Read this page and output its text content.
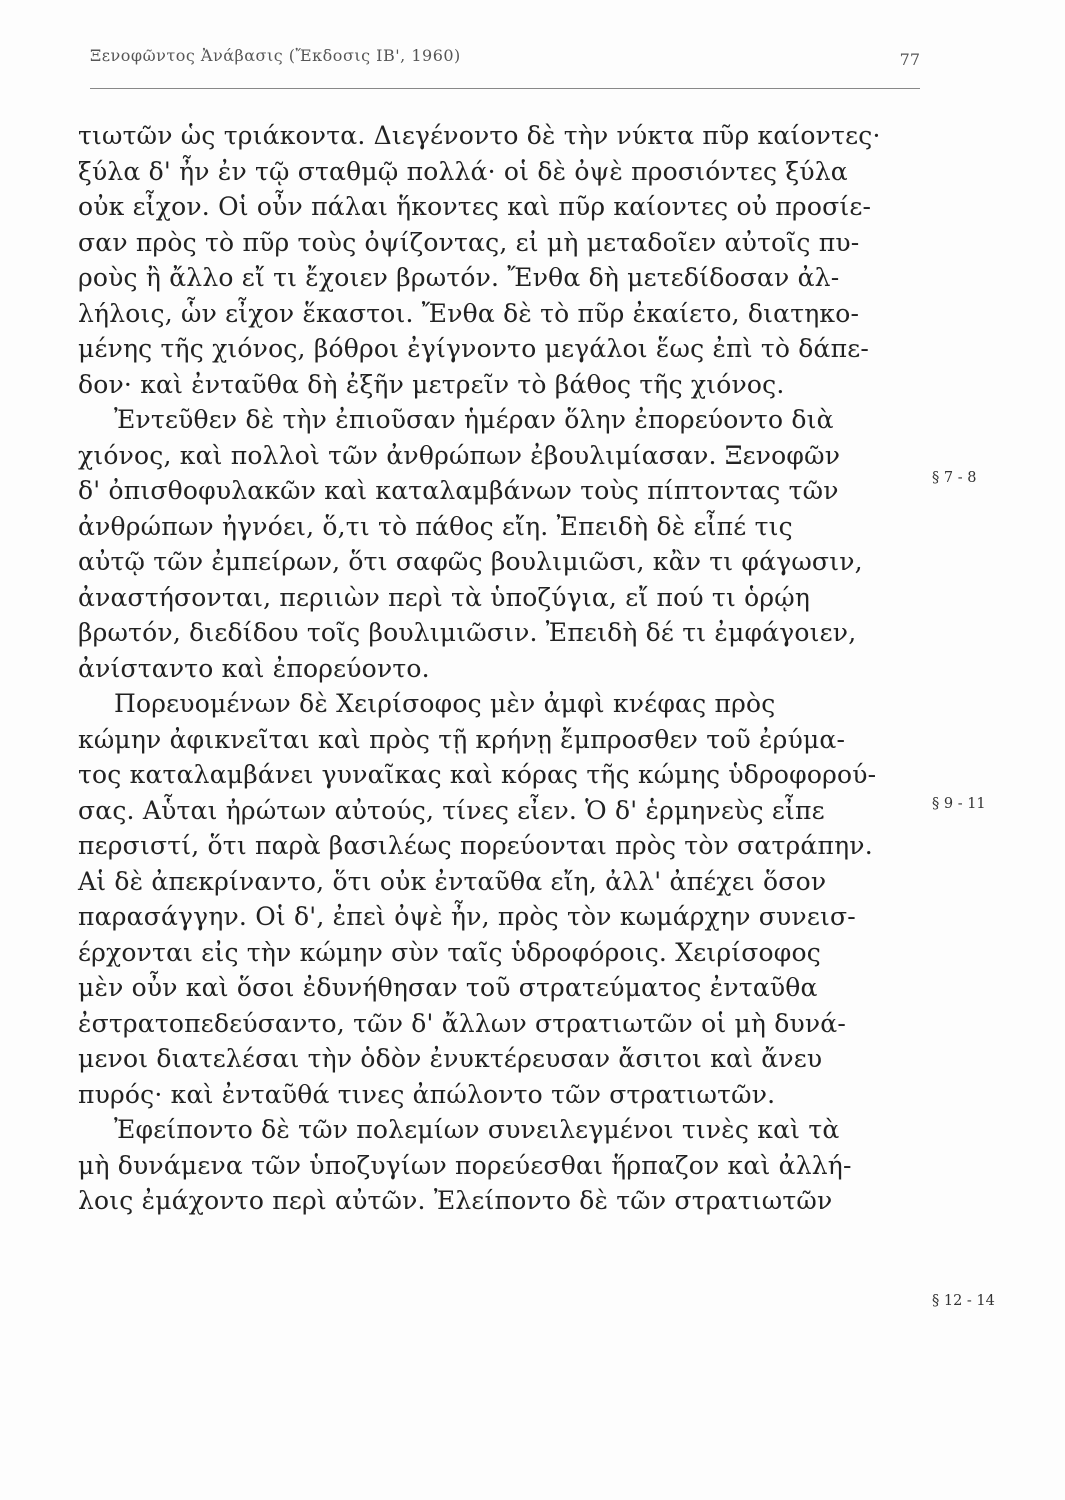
Ξενοφῶντος Ἀνάβασις (Ἔκδοσις ΙΒ', 1960)	77
τιωτῶν ὡς τριάκοντα. Διεγένοντο δὲ τὴν νύκτα πῦρ καίοντες·
ξύλα δ' ἦν ἐν τῷ σταθμῷ πολλά· οἱ δὲ ὀψὲ προσιόντες ξύλα
οὐκ εἶχον. Οἱ οὖν πάλαι ἥκοντες καὶ πῦρ καίοντες οὐ προσίε-
σαν πρὸς τὸ πῦρ τοὺς ὀψίζοντας, εἰ μὴ μεταδοῖεν αὐτοῖς πυ-
ροὺς ἢ ἄλλο εἴ τι ἔχοιεν βρωτόν. Ἔνθα δὴ μετεδίδοσαν ἀλ-
λήλοις, ὧν εἶχον ἕκαστοι. Ἔνθα δὲ τὸ πῦρ ἐκαίετο, διατηκο-
μένης τῆς χιόνος, βόθροι ἐγίγνοντο μεγάλοι ἕως ἐπὶ τὸ δάπε-
δον· καὶ ἐνταῦθα δὴ ἐξῆν μετρεῖν τὸ βάθος τῆς χιόνος.
Ἐντεῦθεν δὲ τὴν ἐπιοῦσαν ἡμέραν ὅλην ἐπορεύοντο διὰ
χιόνος, καὶ πολλοὶ τῶν ἀνθρώπων ἐβουλιμίασαν. Ξενοφῶν
δ' ὀπισθοφυλακῶν καὶ καταλαμβάνων τοὺς πίπτοντας τῶν
ἀνθρώπων ἠγνόει, ὅ,τι τὸ πάθος εἴη. Ἐπειδὴ δὲ εἶπέ τις
αὐτῷ τῶν ἐμπείρων, ὅτι σαφῶς βουλιμιῶσι, κἂν τι φάγωσιν,
ἀναστήσονται, περιιὼν περὶ τὰ ὑποζύγια, εἴ πού τι ὁρῴη
βρωτόν, διεδίδου τοῖς βουλιμιῶσιν. Ἐπειδὴ δέ τι ἐμφάγοιεν,
ἀνίσταντο καὶ ἐπορεύοντο.
Πορευομένων δὲ Χειρίσοφος μὲν ἀμφὶ κνέφας πρὸς
κώμην ἀφικνεῖται καὶ πρὸς τῇ κρήνῃ ἔμπροσθεν τοῦ ἐρύμα-
τος καταλαμβάνει γυναῖκας καὶ κόρας τῆς κώμης ὑδροφορού-
σας. Αὗται ἠρώτων αὐτούς, τίνες εἶεν. Ὁ δ' ἑρμηνεὺς εἶπε
περσιστί, ὅτι παρὰ βασιλέως πορεύονται πρὸς τὸν σατράπην.
Αἱ δὲ ἀπεκρίναντο, ὅτι οὐκ ἐνταῦθα εἴη, ἀλλ' ἀπέχει ὅσον
παρασάγγην. Οἱ δ', ἐπεὶ ὀψὲ ἦν, πρὸς τὸν κωμάρχην συνεισ-
έρχονται εἰς τὴν κώμην σὺν ταῖς ὑδροφόροις. Χειρίσοφος
μὲν οὖν καὶ ὅσοι ἐδυνήθησαν τοῦ στρατεύματος ἐνταῦθα
ἐστρατοπεδεύσαντο, τῶν δ' ἄλλων στρατιωτῶν οἱ μὴ δυνά-
μενοι διατελέσαι τὴν ὁδὸν ἐνυκτέρευσαν ἄσιτοι καὶ ἄνευ
πυρός· καὶ ἐνταῦθά τινες ἀπώλοντο τῶν στρατιωτῶν.
Ἐφείποντο δὲ τῶν πολεμίων συνειλεγμένοι τινὲς καὶ τὰ
μὴ δυνάμενα τῶν ὑποζυγίων πορεύεσθαι ἥρπαζον καὶ ἀλλή-
λοις ἐμάχοντο περὶ αὐτῶν. Ἐλείποντο δὲ τῶν στρατιωτῶν
§ 7 - 8
§ 9 - 11
§ 12 - 14
